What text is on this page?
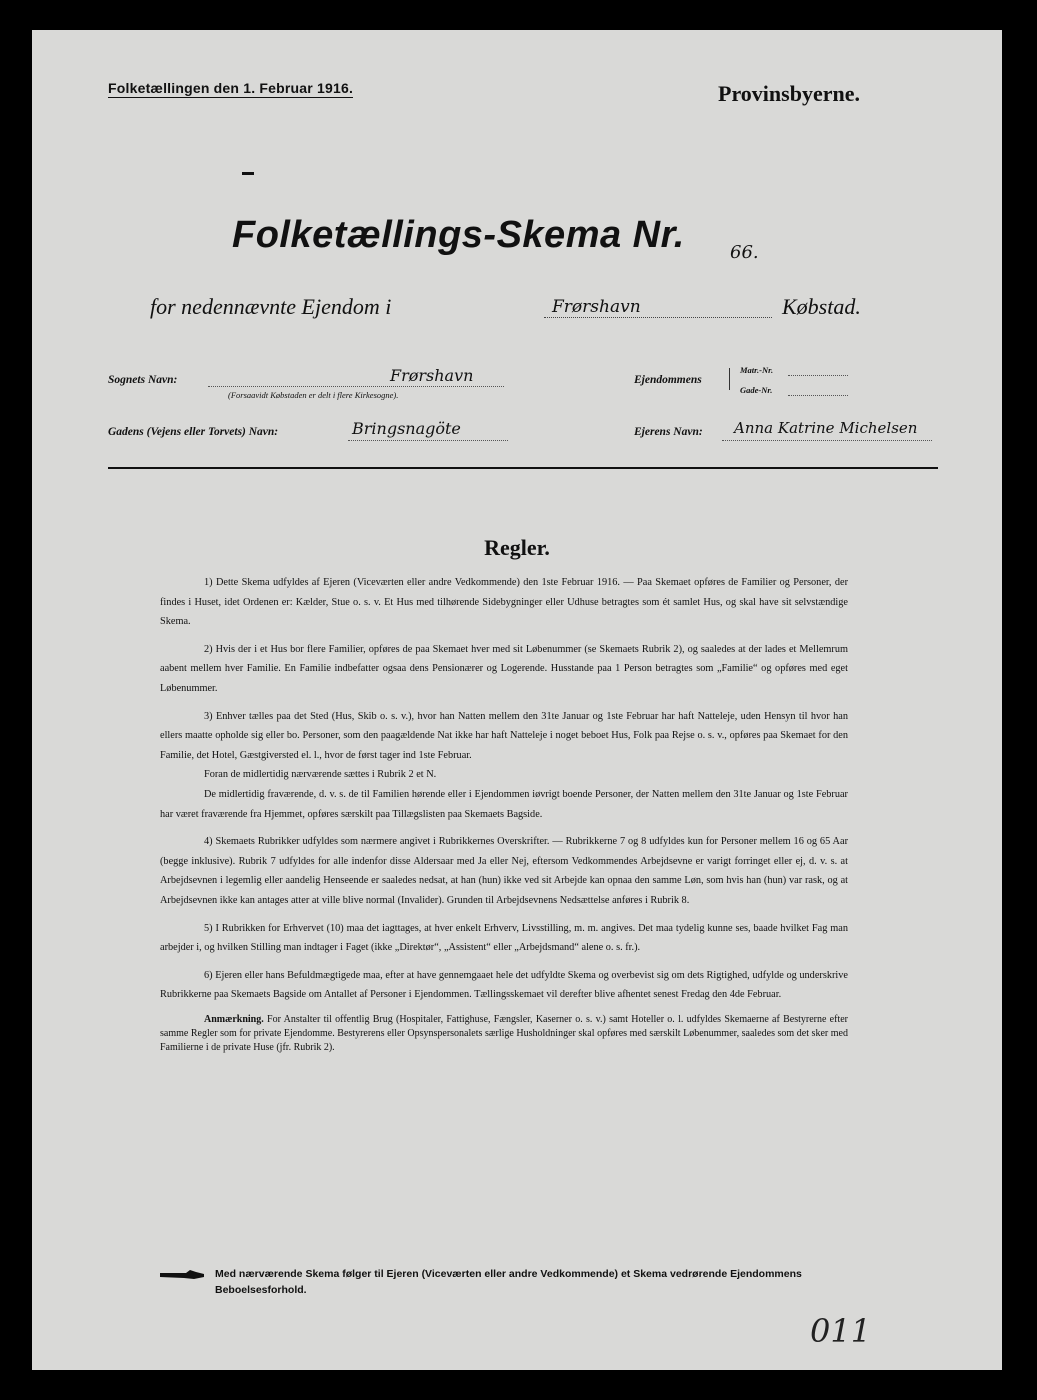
Folketællingen den 1. Februar 1916.	Provinsbyerne.
Folketællings-Skema Nr.	66.
for nedennævnte Ejendom i	Frørshavn	Købstad.
Sognets Navn:	Frørshavn
(Forsaavidt Købstaden er delt i flere Kirkesogne).
Ejendommens
Matr.-Nr.
Gade-Nr.
Gadens (Vejens eller Torvets) Navn:	Bringsnagöte	Ejerens Navn: Anna Katrine Michelsen
Regler.

1) Dette Skema udfyldes af Ejeren (Viceværten eller andre Vedkommende) den 1ste Februar 1916. — Paa Skemaet opføres de Familier og Personer, der findes i Huset, idet Ordenen er: Kælder, Stue o. s. v. Et Hus med tilhørende Sidebygninger eller Udhuse betragtes som ét samlet Hus, og skal have sit selvstændige Skema.

2) Hvis der i et Hus bor flere Familier, opføres de paa Skemaet hver med sit Løbenummer (se Skemaets Rubrik 2), og saaledes at der lades et Mellemrum aabent mellem hver Familie. En Familie indbefatter ogsaa dens Pensionærer og Logerende. Husstande paa 1 Person betragtes som „Familie“ og opføres med eget Løbenummer.

3) Enhver tælles paa det Sted (Hus, Skib o. s. v.), hvor han Natten mellem den 31te Januar og 1ste Februar har haft Natteleje, uden Hensyn til hvor han ellers maatte opholde sig eller bo. Personer, som den paagældende Nat ikke har haft Natteleje i noget beboet Hus, Folk paa Rejse o. s. v., opføres paa Skemaet for den Familie, det Hotel, Gæstgiversted el. l., hvor de først tager ind 1ste Februar.

Foran de midlertidig nærværende sættes i Rubrik 2 et N.

De midlertidig fraværende, d. v. s. de til Familien hørende eller i Ejendommen iøvrigt boende Personer, der Natten mellem den 31te Januar og 1ste Februar har været fraværende fra Hjemmet, opføres særskilt paa Tillægslisten paa Skemaets Bagside.

4) Skemaets Rubrikker udfyldes som nærmere angivet i Rubrikkernes Overskrifter. — Rubrikkerne 7 og 8 udfyldes kun for Personer mellem 16 og 65 Aar (begge inklusive). Rubrik 7 udfyldes for alle indenfor disse Aldersaar med Ja eller Nej, eftersom Vedkommendes Arbejdsevne er varigt forringet eller ej, d. v. s. at Arbejdsevnen i legemlig eller aandelig Henseende er saaledes nedsat, at han (hun) ikke ved sit Arbejde kan opnaa den samme Løn, som hvis han (hun) var rask, og at Arbejdsevnen ikke kan antages atter at ville blive normal (Invalider). Grunden til Arbejdsevnens Nedsættelse anføres i Rubrik 8.

5) I Rubrikken for Erhvervet (10) maa det iagttages, at hver enkelt Erhverv, Livsstilling, m. m. angives. Det maa tydelig kunne ses, baade hvilket Fag man arbejder i, og hvilken Stilling man indtager i Faget (ikke „Direktør“, „Assistent“ eller „Arbejdsmand“ alene o. s. fr.).

6) Ejeren eller hans Befuldmægtigede maa, efter at have gennemgaaet hele det udfyldte Skema og overbevist sig om dets Rigtighed, udfylde og underskrive Rubrikkerne paa Skemaets Bagside om Antallet af Personer i Ejendommen. Tællingsskemaet vil derefter blive afhentet senest Fredag den 4de Februar.

Anmærkning. For Anstalter til offentlig Brug (Hospitaler, Fattighuse, Fængsler, Kaserner o. s. v.) samt Hoteller o. l. udfyldes Skemaerne af Bestyrerne efter samme Regler som for private Ejendomme. Bestyrerens eller Opsynspersonalets særlige Husholdninger skal opføres med særskilt Løbenummer, saaledes som det sker med Familierne i de private Huse (jfr. Rubrik 2).

Med nærværende Skema følger til Ejeren (Viceværten eller andre Vedkommende) et Skema vedrørende Ejendommens Beboelsesforhold.
011
